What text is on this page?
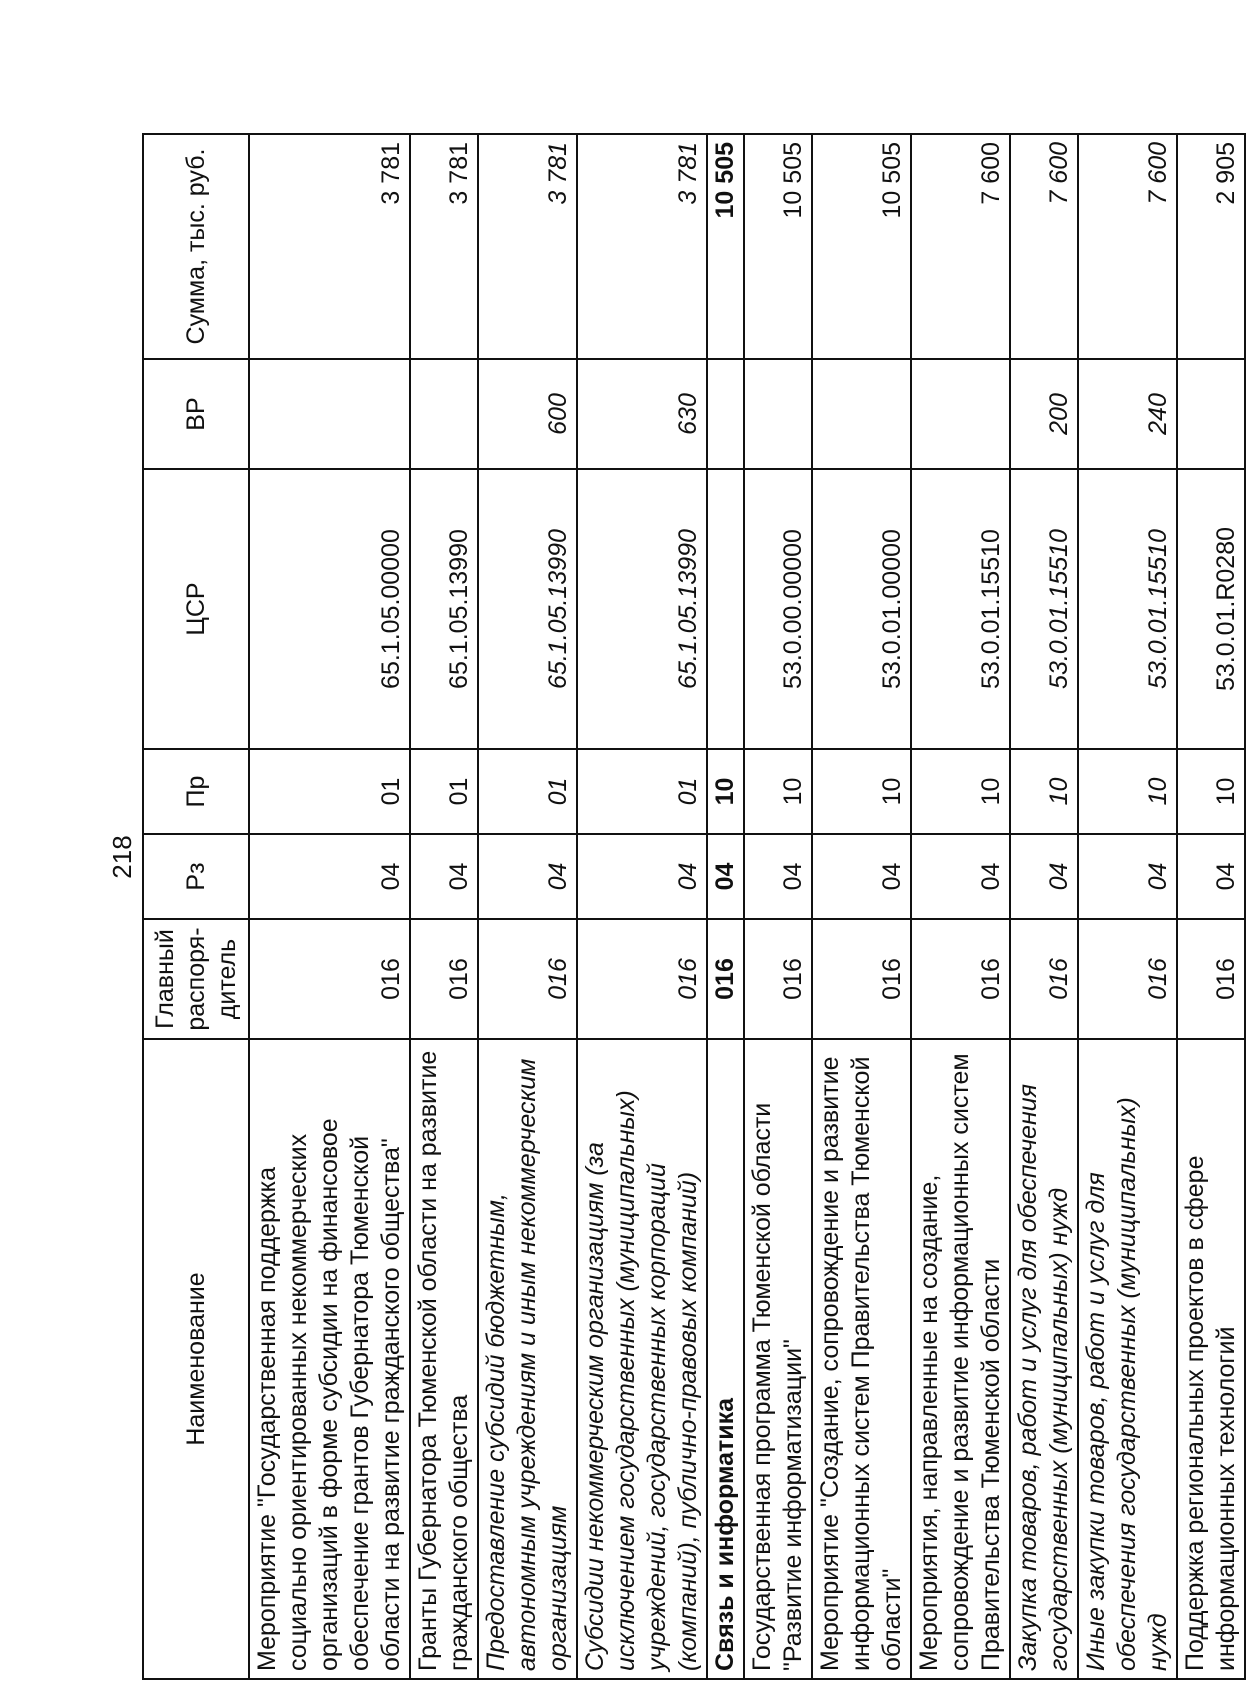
218
Наименование	Главный распоря-дитель	Рз	Пр	ЦСР	ВР	Сумма, тыс. руб.
Мероприятие "Государственная поддержка социально ориентированных некоммерческих организаций в форме субсидии на финансовое обеспечение грантов Губернатора Тюменской области на развитие гражданского общества"	016	04	01	65.1.05.00000		3 781
Гранты Губернатора Тюменской области на развитие гражданского общества	016	04	01	65.1.05.13990		3 781
Предоставление субсидий бюджетным, автономным учреждениям и иным некоммерческим организациям	016	04	01	65.1.05.13990	600	3 781
Субсидии некоммерческим организациям (за исключением государственных (муниципальных) учреждений, государственных корпораций (компаний), публично-правовых компаний)	016	04	01	65.1.05.13990	630	3 781
Связь и информатика	016	04	10			10 505
Государственная программа Тюменской области "Развитие информатизации"	016	04	10	53.0.00.00000		10 505
Мероприятие "Создание, сопровождение и развитие информационных систем Правительства Тюменской области"	016	04	10	53.0.01.00000		10 505
Мероприятия, направленные на создание, сопровождение и развитие информационных систем Правительства Тюменской области	016	04	10	53.0.01.15510		7 600
Закупка товаров, работ и услуг для обеспечения государственных (муниципальных) нужд	016	04	10	53.0.01.15510	200	7 600
Иные закупки товаров, работ и услуг для обеспечения государственных (муниципальных) нужд	016	04	10	53.0.01.15510	240	7 600
Поддержка региональных проектов в сфере информационных технологий	016	04	10	53.0.01.R0280		2 905
